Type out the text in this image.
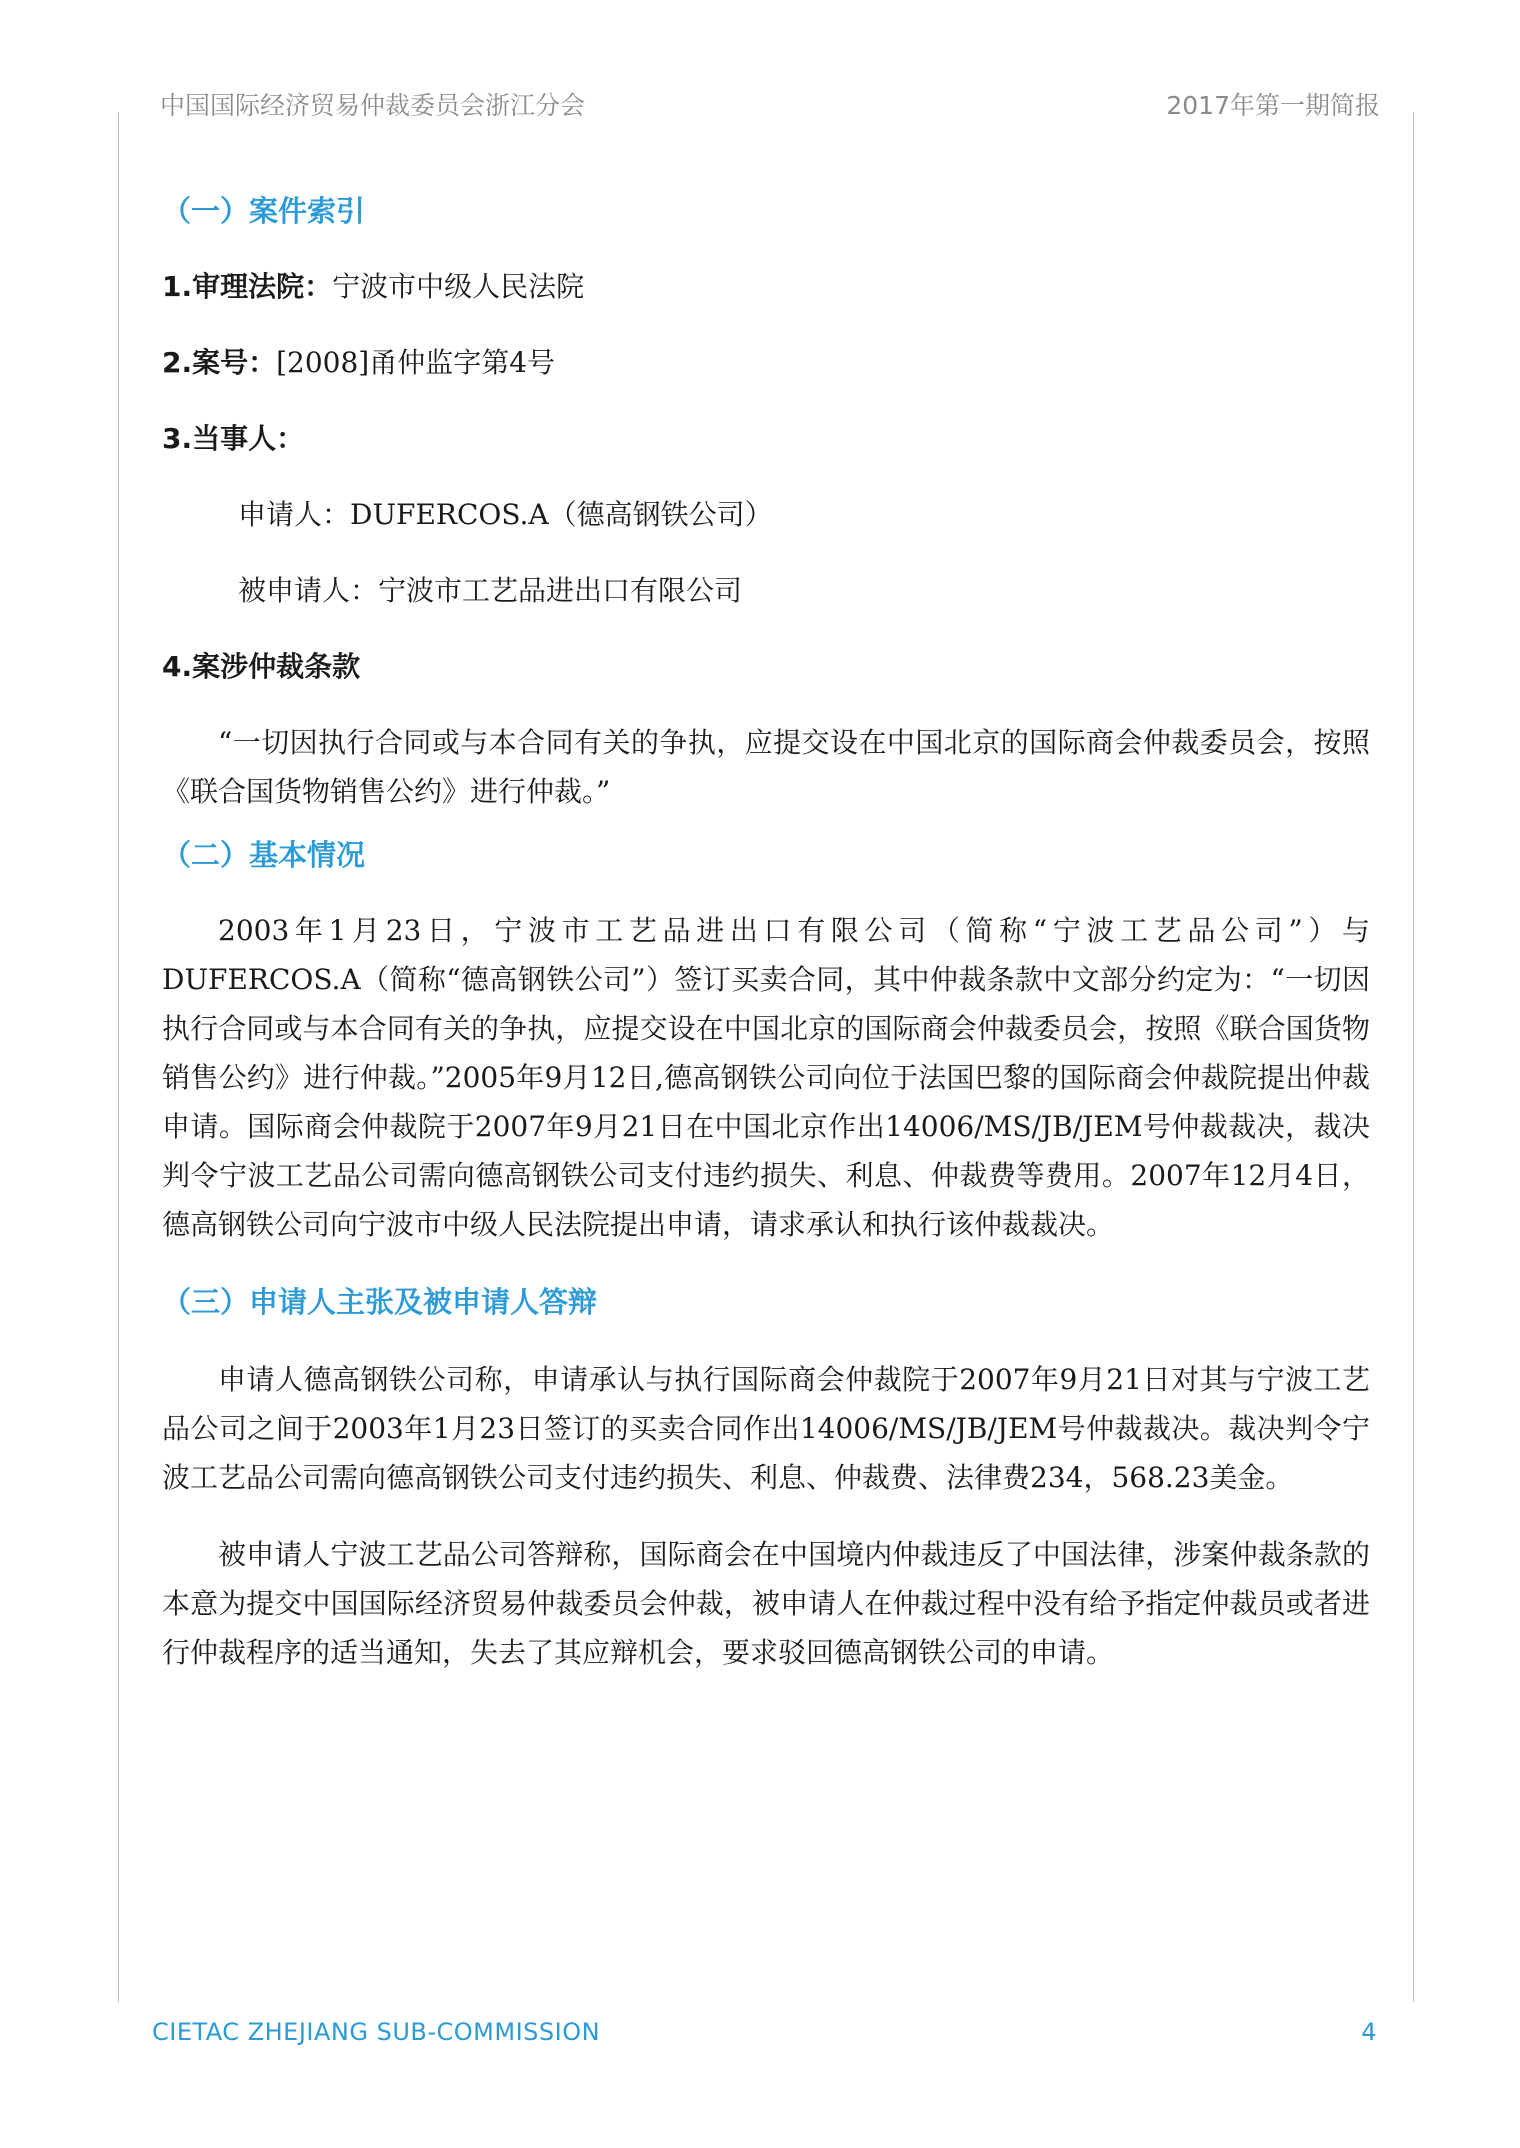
中国国际经济贸易仲裁委员会浙江分会	2017年第一期简报
（一）案件索引

1.审理法院：宁波市中级人民法院

2.案号：[2008]甬仲监字第4号

3.当事人：

申请人：DUFERCOS.A（德高钢铁公司）

被申请人：宁波市工艺品进出口有限公司

4.案涉仲裁条款

“一切因执行合同或与本合同有关的争执，应提交设在中国北京的国际商会仲裁委员会，按照《联合国货物销售公约》进行仲裁。”

（二）基本情况

2003年1月23日，宁波市工艺品进出口有限公司（简称“宁波工艺品公司”）与DUFERCOS.A（简称“德高钢铁公司”）签订买卖合同，其中仲裁条款中文部分约定为：“一切因执行合同或与本合同有关的争执，应提交设在中国北京的国际商会仲裁委员会，按照《联合国货物销售公约》进行仲裁。”2005年9月12日,德高钢铁公司向位于法国巴黎的国际商会仲裁院提出仲裁申请。国际商会仲裁院于2007年9月21日在中国北京作出14006/MS/JB/JEM号仲裁裁决，裁决判令宁波工艺品公司需向德高钢铁公司支付违约损失、利息、仲裁费等费用。2007年12月4日，德高钢铁公司向宁波市中级人民法院提出申请，请求承认和执行该仲裁裁决。

（三）申请人主张及被申请人答辩

申请人德高钢铁公司称，申请承认与执行国际商会仲裁院于2007年9月21日对其与宁波工艺品公司之间于2003年1月23日签订的买卖合同作出14006/MS/JB/JEM号仲裁裁决。裁决判令宁波工艺品公司需向德高钢铁公司支付违约损失、利息、仲裁费、法律费234，568.23美金。

被申请人宁波工艺品公司答辩称，国际商会在中国境内仲裁违反了中国法律，涉案仲裁条款的本意为提交中国国际经济贸易仲裁委员会仲裁，被申请人在仲裁过程中没有给予指定仲裁员或者进行仲裁程序的适当通知，失去了其应辩机会，要求驳回德高钢铁公司的申请。

CIETAC ZHEJIANG SUB-COMMISSION	4
